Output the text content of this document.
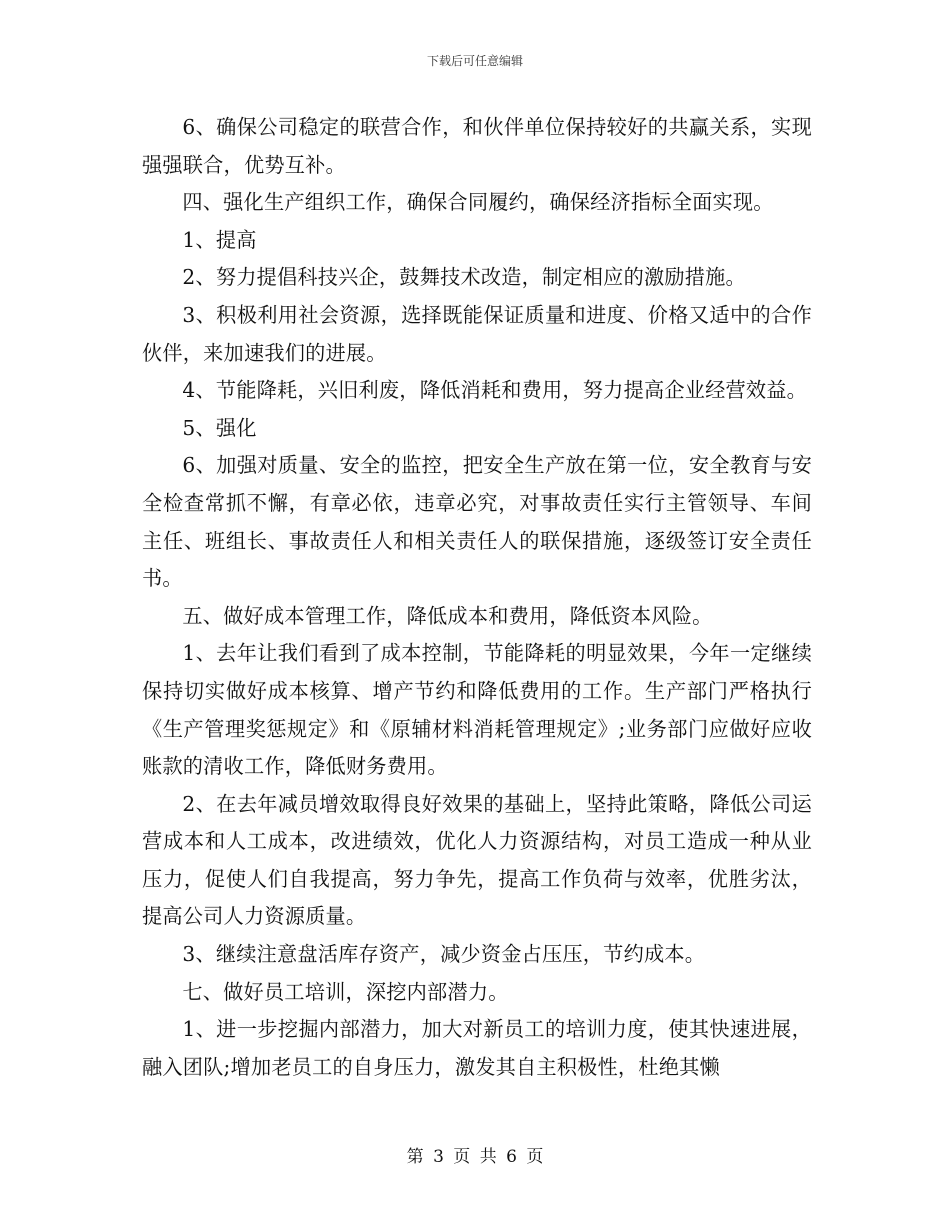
下载后可任意编辑

6、确保公司稳定的联营合作，和伙伴单位保持较好的共赢关系，实现强强联合，优势互补。

四、强化生产组织工作，确保合同履约，确保经济指标全面实现。

1、提高

2、努力提倡科技兴企，鼓舞技术改造，制定相应的激励措施。

3、积极利用社会资源，选择既能保证质量和进度、价格又适中的合作伙伴，来加速我们的进展。

4、节能降耗，兴旧利废，降低消耗和费用，努力提高企业经营效益。

5、强化

6、加强对质量、安全的监控，把安全生产放在第一位，安全教育与安全检查常抓不懈，有章必依，违章必究，对事故责任实行主管领导、车间主任、班组长、事故责任人和相关责任人的联保措施，逐级签订安全责任书。

五、做好成本管理工作，降低成本和费用，降低资本风险。

1、去年让我们看到了成本控制，节能降耗的明显效果，今年一定继续保持切实做好成本核算、增产节约和降低费用的工作。生产部门严格执行《生产管理奖惩规定》和《原辅材料消耗管理规定》;业务部门应做好应收账款的清收工作，降低财务费用。

2、在去年减员增效取得良好效果的基础上，坚持此策略，降低公司运营成本和人工成本，改进绩效，优化人力资源结构，对员工造成一种从业压力，促使人们自我提高，努力争先，提高工作负荷与效率，优胜劣汰，提高公司人力资源质量。

3、继续注意盘活库存资产，减少资金占压压，节约成本。

七、做好员工培训，深挖内部潜力。

1、进一步挖掘内部潜力，加大对新员工的培训力度，使其快速进展，融入团队;增加老员工的自身压力，激发其自主积极性，杜绝其懒

第 3 页 共 6 页
